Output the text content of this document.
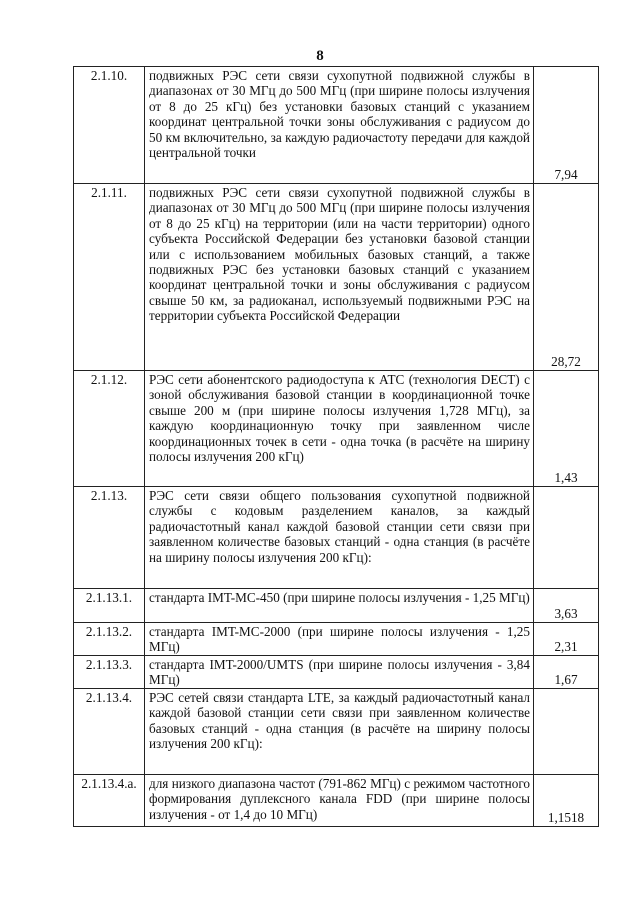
8
2.1.10.	подвижных РЭС сети связи сухопутной подвижной службы в диапазонах от 30 МГц до 500 МГц (при ширине полосы излучения от 8 до 25 кГц) без установки базовых станций с указанием координат центральной точки зоны обслуживания с радиусом до 50 км включительно, за каждую радиочастоту передачи для каждой центральной точки	7,94
2.1.11.	подвижных РЭС сети связи сухопутной подвижной службы в диапазонах от 30 МГц до 500 МГц (при ширине полосы излучения от 8 до 25 кГц) на территории (или на части территории) одного субъекта Российской Федерации без установки базовой станции или с использованием мобильных базовых станций, а также подвижных РЭС без установки базовых станций с указанием координат центральной точки и зоны обслуживания с радиусом свыше 50 км, за радиоканал, используемый подвижными РЭС на территории субъекта Российской Федерации	28,72
2.1.12.	РЭС сети абонентского радиодоступа к АТС (технология DECT) с зоной обслуживания базовой станции в координационной точке свыше 200 м (при ширине полосы излучения 1,728 МГц), за каждую координационную точку при заявленном числе координационных точек в сети - одна точка (в расчёте на ширину полосы излучения 200 кГц)	1,43
2.1.13.	РЭС сети связи общего пользования сухопутной подвижной службы с кодовым разделением каналов, за каждый радиочастотный канал каждой базовой станции сети связи при заявленном количестве базовых станций - одна станция (в расчёте на ширину полосы излучения 200 кГц):	

2.1.13.1.	стандарта IMT-MC-450 (при ширине полосы излучения - 1,25 МГц)	3,63
2.1.13.2.	стандарта IMT-MC-2000 (при ширине полосы излучения - 1,25 МГц)	2,31
2.1.13.3.	стандарта IMT-2000/UMTS (при ширине полосы излучения - 3,84 МГц)	1,67
2.1.13.4.	РЭС сетей связи стандарта LTE, за каждый радиочастотный канал каждой базовой станции сети связи при заявленном количестве базовых станций - одна станция (в расчёте на ширину полосы излучения 200 кГц):	

2.1.13.4.а.	для низкого диапазона частот (791-862 МГц) с режимом частотного формирования дуплексного канала FDD (при ширине полосы излучения - от 1,4 до 10 МГц)	1,1518
